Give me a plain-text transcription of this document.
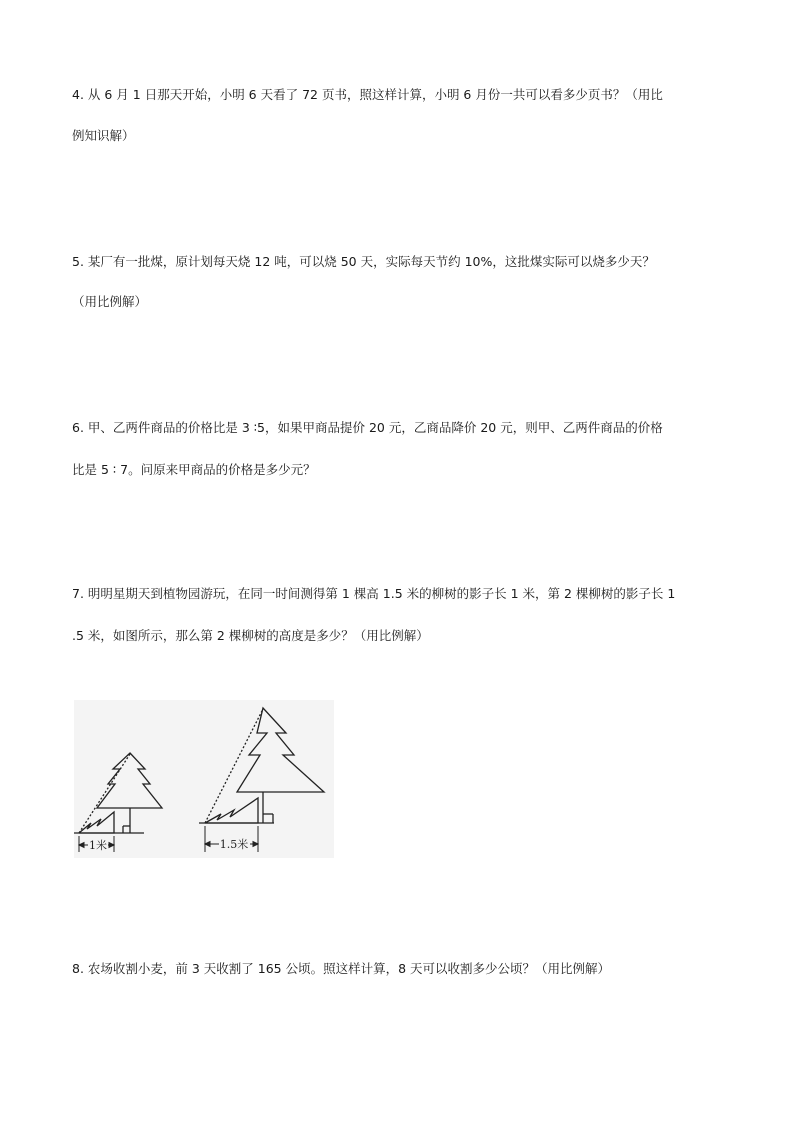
4. 从 6 月 1 日那天开始，小明 6 天看了 72 页书，照这样计算，小明 6 月份一共可以看多少页书？（用比

例知识解）

5. 某厂有一批煤，原计划每天烧 12 吨，可以烧 50 天，实际每天节约 10%，这批煤实际可以烧多少天？

（用比例解）

6. 甲、乙两件商品的价格比是 3 ∶5，如果甲商品提价 20 元，乙商品降价 20 元，则甲、乙两件商品的价格

比是 5 ∶ 7。问原来甲商品的价格是多少元？

7. 明明星期天到植物园游玩，在同一时间测得第 1 棵高 1.5 米的柳树的影子长 1 米，第 2 棵柳树的影子长 1

.5 米，如图所示，那么第 2 棵柳树的高度是多少？（用比例解）

1米	1.5米

8. 农场收割小麦，前 3 天收割了 165 公顷。照这样计算，8 天可以收割多少公顷？（用比例解）
